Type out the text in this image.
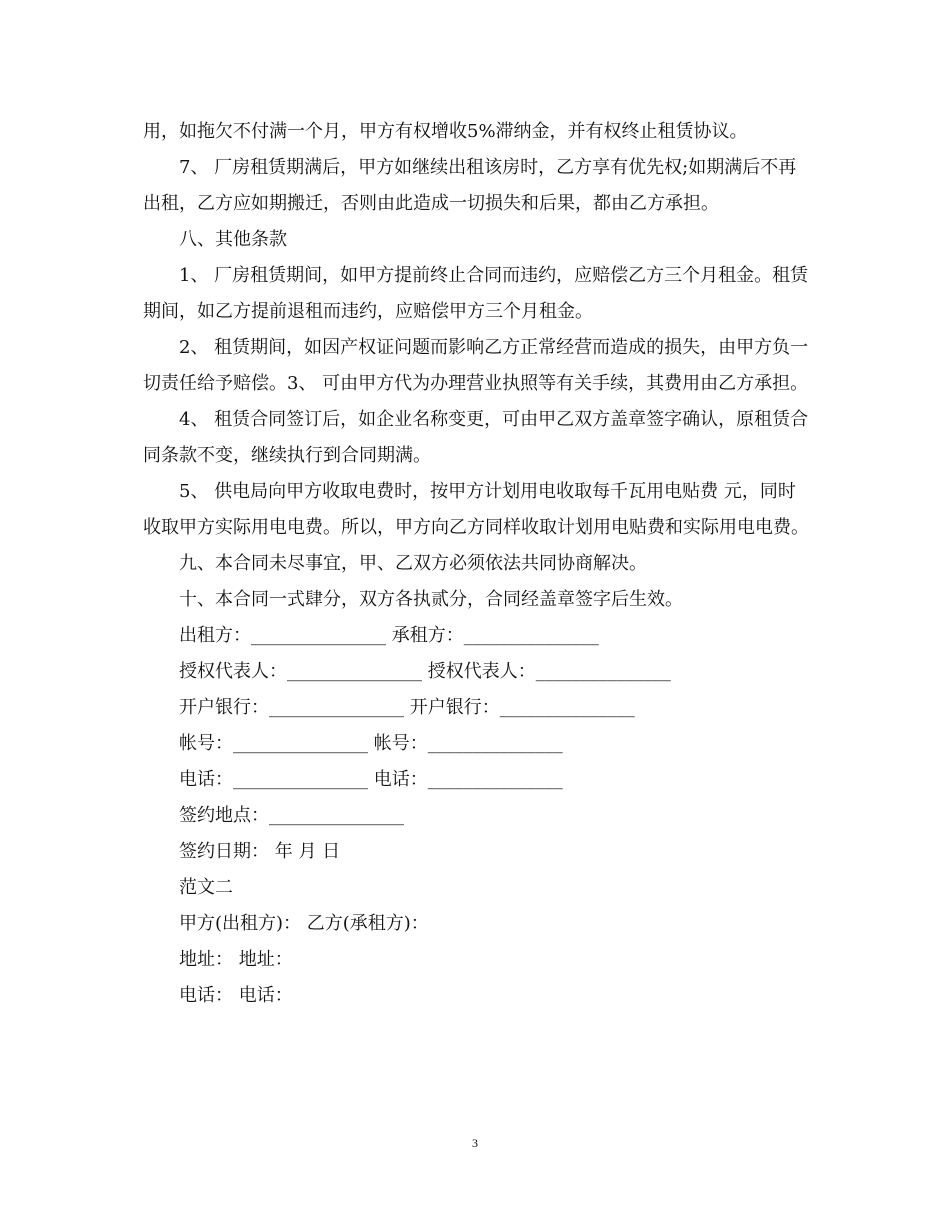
用，如拖欠不付满一个月，甲方有权增收5%滞纳金，并有权终止租赁协议。

7、 厂房租赁期满后，甲方如继续出租该房时，乙方享有优先权;如期满后不再出租，乙方应如期搬迁，否则由此造成一切损失和后果，都由乙方承担。

八、其他条款

1、 厂房租赁期间，如甲方提前终止合同而违约，应赔偿乙方三个月租金。租赁期间，如乙方提前退租而违约，应赔偿甲方三个月租金。

2、 租赁期间，如因产权证问题而影响乙方正常经营而造成的损失，由甲方负一切责任给予赔偿。3、 可由甲方代为办理营业执照等有关手续，其费用由乙方承担。

4、 租赁合同签订后，如企业名称变更，可由甲乙双方盖章签字确认，原租赁合同条款不变，继续执行到合同期满。

5、 供电局向甲方收取电费时，按甲方计划用电收取每千瓦用电贴费 元，同时收取甲方实际用电电费。所以，甲方向乙方同样收取计划用电贴费和实际用电电费。

九、本合同未尽事宜，甲、乙双方必须依法共同协商解决。

十、本合同一式肆分，双方各执贰分，合同经盖章签字后生效。

出租方：_______________ 承租方：_______________

授权代表人：_______________ 授权代表人：_______________

开户银行：_______________ 开户银行：_______________

帐号：_______________ 帐号：_______________

电话：_______________ 电话：_______________

签约地点：_______________

签约日期： 年 月 日

范文二

甲方(出租方)： 乙方(承租方)：

地址： 地址：

电话： 电话：

3
